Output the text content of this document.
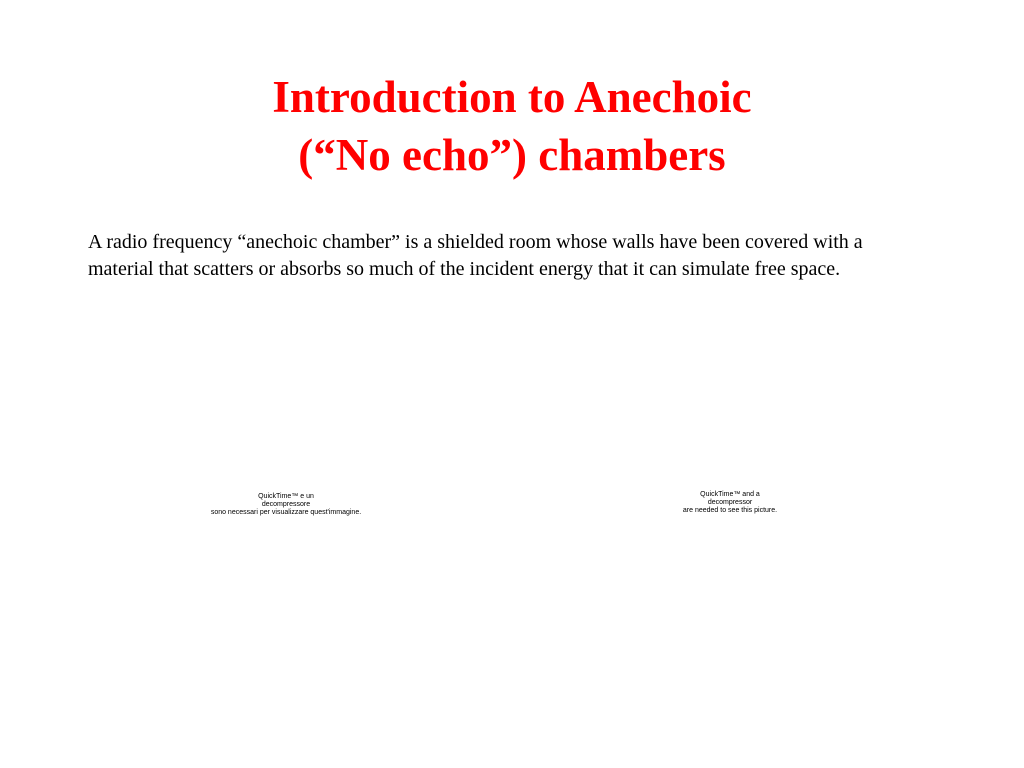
Introduction to Anechoic
(“No echo”) chambers
A radio frequency “anechoic chamber” is a shielded room whose walls have been covered with a material that scatters or absorbs so much of the incident energy that it can simulate free space.
QuickTime™ e un
decompressore
sono necessari per visualizzare quest'immagine.
QuickTime™ and a
decompressor
are needed to see this picture.
